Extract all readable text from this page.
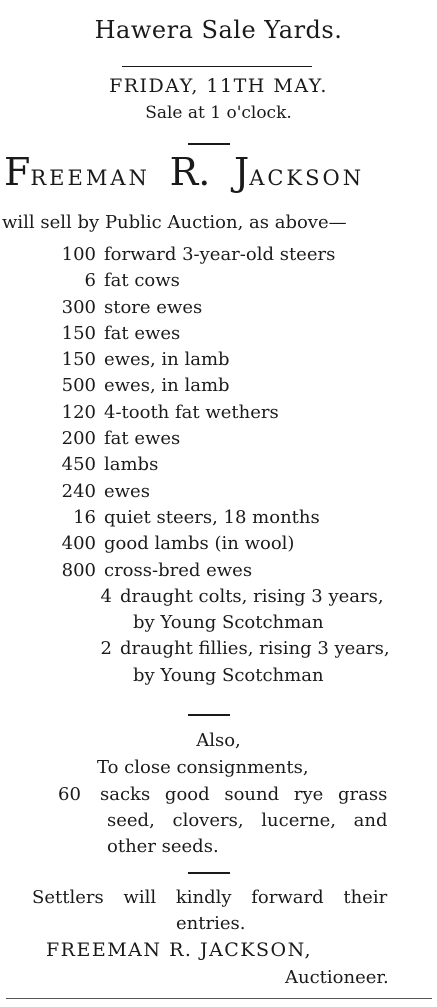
Hawera Sale Yards.
FRIDAY, 11TH MAY.
Sale at 1 o'clock.
FREEMAN R. JACKSON
will sell by Public Auction, as above—
100 forward 3-year-old steers
6 fat cows
300 store ewes
150 fat ewes
150 ewes, in lamb
500 ewes, in lamb
120 4-tooth fat wethers
200 fat ewes
450 lambs
240 ewes
16 quiet steers, 18 months
400 good lambs (in wool)
800 cross-bred ewes
4 draught colts, rising 3 years,
by Young Scotchman
2 draught fillies, rising 3 years,
by Young Scotchman
Also,
To close consignments,
60 sacks good sound rye grass
seed, clovers, lucerne, and
other seeds.
Settlers will kindly forward their
entries.
FREEMAN R. JACKSON,
Auctioneer.
